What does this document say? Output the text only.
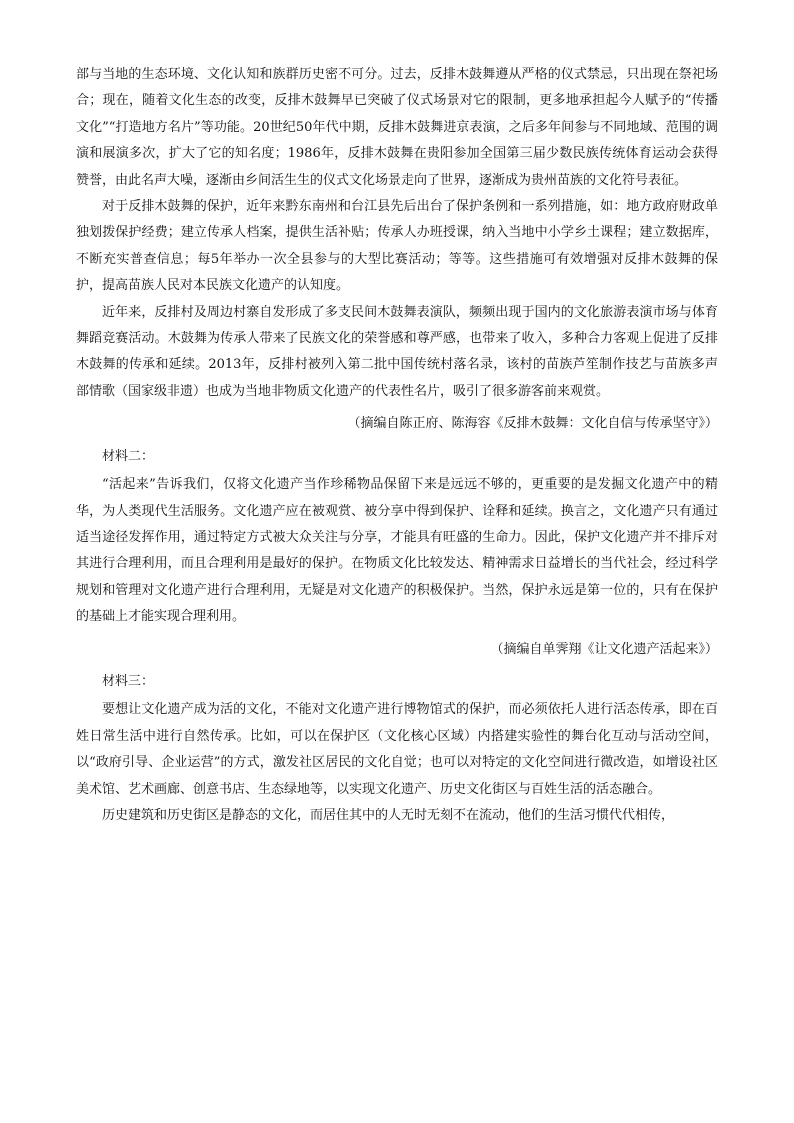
部与当地的生态环境、文化认知和族群历史密不可分。过去，反排木鼓舞遵从严格的仪式禁忌，只出现在祭祀场合；现在，随着文化生态的改变，反排木鼓舞早已突破了仪式场景对它的限制，更多地承担起今人赋予的“传播文化”“打造地方名片”等功能。20世纪50年代中期，反排木鼓舞进京表演，之后多年间参与不同地域、范围的调演和展演多次，扩大了它的知名度；1986年，反排木鼓舞在贵阳参加全国第三届少数民族传统体育运动会获得赞誉，由此名声大噪，逐渐由乡间活生生的仪式文化场景走向了世界，逐渐成为贵州苗族的文化符号表征。

对于反排木鼓舞的保护，近年来黔东南州和台江县先后出台了保护条例和一系列措施，如：地方政府财政单独划拨保护经费；建立传承人档案，提供生活补贴；传承人办班授课，纳入当地中小学乡土课程；建立数据库，不断充实普查信息；每5年举办一次全县参与的大型比赛活动；等等。这些措施可有效增强对反排木鼓舞的保护，提高苗族人民对本民族文化遗产的认知度。

近年来，反排村及周边村寨自发形成了多支民间木鼓舞表演队，频频出现于国内的文化旅游表演市场与体育舞蹈竞赛活动。木鼓舞为传承人带来了民族文化的荣誉感和尊严感，也带来了收入，多种合力客观上促进了反排木鼓舞的传承和延续。2013年，反排村被列入第二批中国传统村落名录，该村的苗族芦笙制作技艺与苗族多声部情歌（国家级非遗）也成为当地非物质文化遗产的代表性名片，吸引了很多游客前来观赏。

（摘编自陈正府、陈海容《反排木鼓舞：文化自信与传承坚守》）

材料二：

“活起来”告诉我们，仅将文化遗产当作珍稀物品保留下来是远远不够的，更重要的是发掘文化遗产中的精华，为人类现代生活服务。文化遗产应在被观赏、被分享中得到保护、诠释和延续。换言之，文化遗产只有通过适当途径发挥作用，通过特定方式被大众关注与分享，才能具有旺盛的生命力。因此，保护文化遗产并不排斥对其进行合理利用，而且合理利用是最好的保护。在物质文化比较发达、精神需求日益增长的当代社会，经过科学规划和管理对文化遗产进行合理利用，无疑是对文化遗产的积极保护。当然，保护永远是第一位的，只有在保护的基础上才能实现合理利用。

（摘编自单霁翔《让文化遗产活起来》）

材料三：

要想让文化遗产成为活的文化，不能对文化遗产进行博物馆式的保护，而必须依托人进行活态传承，即在百姓日常生活中进行自然传承。比如，可以在保护区（文化核心区域）内搭建实验性的舞台化互动与活动空间，以“政府引导、企业运营”的方式，激发社区居民的文化自觉；也可以对特定的文化空间进行微改造，如增设社区美术馆、艺术画廊、创意书店、生态绿地等，以实现文化遗产、历史文化街区与百姓生活的活态融合。

历史建筑和历史街区是静态的文化，而居住其中的人无时无刻不在流动，他们的生活习惯代代相传，
